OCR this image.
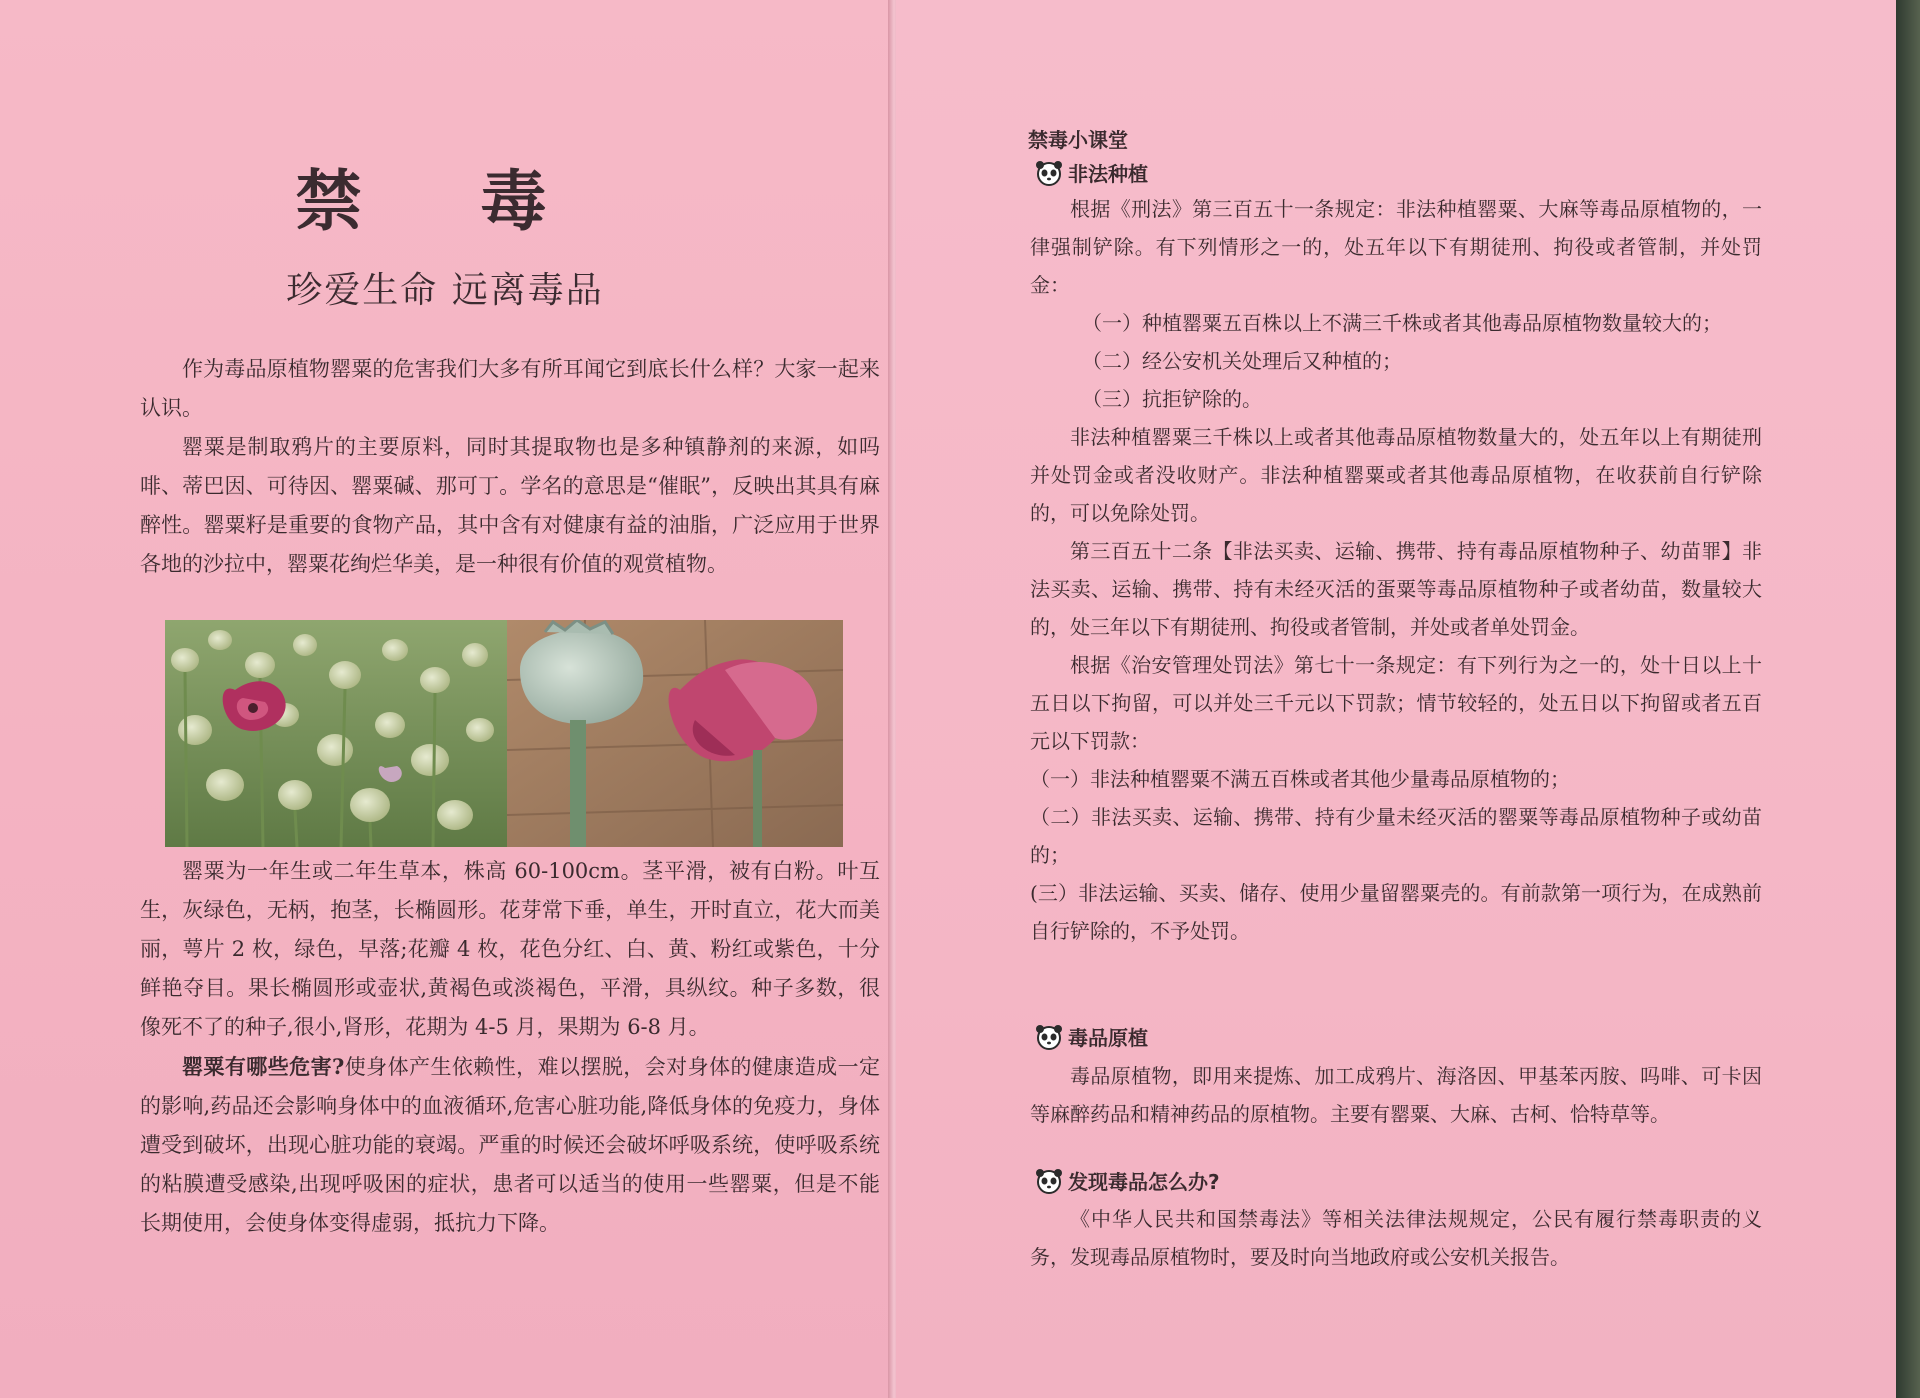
禁 毒
珍爱生命 远离毒品

作为毒品原植物罂粟的危害我们大多有所耳闻它到底长什么样？大家一起来认识。

罂粟是制取鸦片的主要原料，同时其提取物也是多种镇静剂的来源，如吗啡、蒂巴因、可待因、罂粟碱、那可丁。学名的意思是“催眠”，反映出其具有麻醉性。罂粟籽是重要的食物产品，其中含有对健康有益的油脂，广泛应用于世界各地的沙拉中，罂粟花绚烂华美，是一种很有价值的观赏植物。

罂粟为一年生或二年生草本，株高 60-100cm。茎平滑，被有白粉。叶互生，灰绿色，无柄，抱茎，长椭圆形。花芽常下垂，单生，开时直立，花大而美丽，萼片 2 枚，绿色，早落;花瓣 4 枚，花色分红、白、黄、粉红或紫色，十分鲜艳夺目。果长椭圆形或壶状,黄褐色或淡褐色，平滑，具纵纹。种子多数，很像死不了的种子,很小,肾形，花期为 4-5 月，果期为 6-8 月。

罂粟有哪些危害?使身体产生依赖性，难以摆脱，会对身体的健康造成一定的影响,药品还会影响身体中的血液循环,危害心脏功能,降低身体的免疫力，身体遭受到破坏，出现心脏功能的衰竭。严重的时候还会破坏呼吸系统，使呼吸系统的粘膜遭受感染,出现呼吸困的症状，患者可以适当的使用一些罂粟，但是不能长期使用，会使身体变得虚弱，抵抗力下降。

禁毒小课堂
非法种植

根据《刑法》第三百五十一条规定：非法种植罂粟、大麻等毒品原植物的，一律强制铲除。有下列情形之一的，处五年以下有期徒刑、拘役或者管制，并处罚金：

（一）种植罂粟五百株以上不满三千株或者其他毒品原植物数量较大的；

（二）经公安机关处理后又种植的；

（三）抗拒铲除的。

非法种植罂粟三千株以上或者其他毒品原植物数量大的，处五年以上有期徒刑并处罚金或者没收财产。非法种植罂粟或者其他毒品原植物，在收获前自行铲除的，可以免除处罚。

第三百五十二条【非法买卖、运输、携带、持有毒品原植物种子、幼苗罪】非法买卖、运输、携带、持有未经灭活的蛋粟等毒品原植物种子或者幼苗，数量较大的，处三年以下有期徒刑、拘役或者管制，并处或者单处罚金。

根据《治安管理处罚法》第七十一条规定：有下列行为之一的，处十日以上十五日以下拘留，可以并处三千元以下罚款；情节较轻的，处五日以下拘留或者五百元以下罚款：

（一）非法种植罂粟不满五百株或者其他少量毒品原植物的；

（二）非法买卖、运输、携带、持有少量未经灭活的罂粟等毒品原植物种子或幼苗的；

(三）非法运输、买卖、储存、使用少量留罂粟壳的。有前款第一项行为，在成熟前自行铲除的，不予处罚。

毒品原植

毒品原植物，即用来提炼、加工成鸦片、海洛因、甲基苯丙胺、吗啡、可卡因等麻醉药品和精神药品的原植物。主要有罂粟、大麻、古柯、恰特草等。

发现毒品怎么办?

《中华人民共和国禁毒法》等相关法律法规规定，公民有履行禁毒职责的义务，发现毒品原植物时，要及时向当地政府或公安机关报告。
